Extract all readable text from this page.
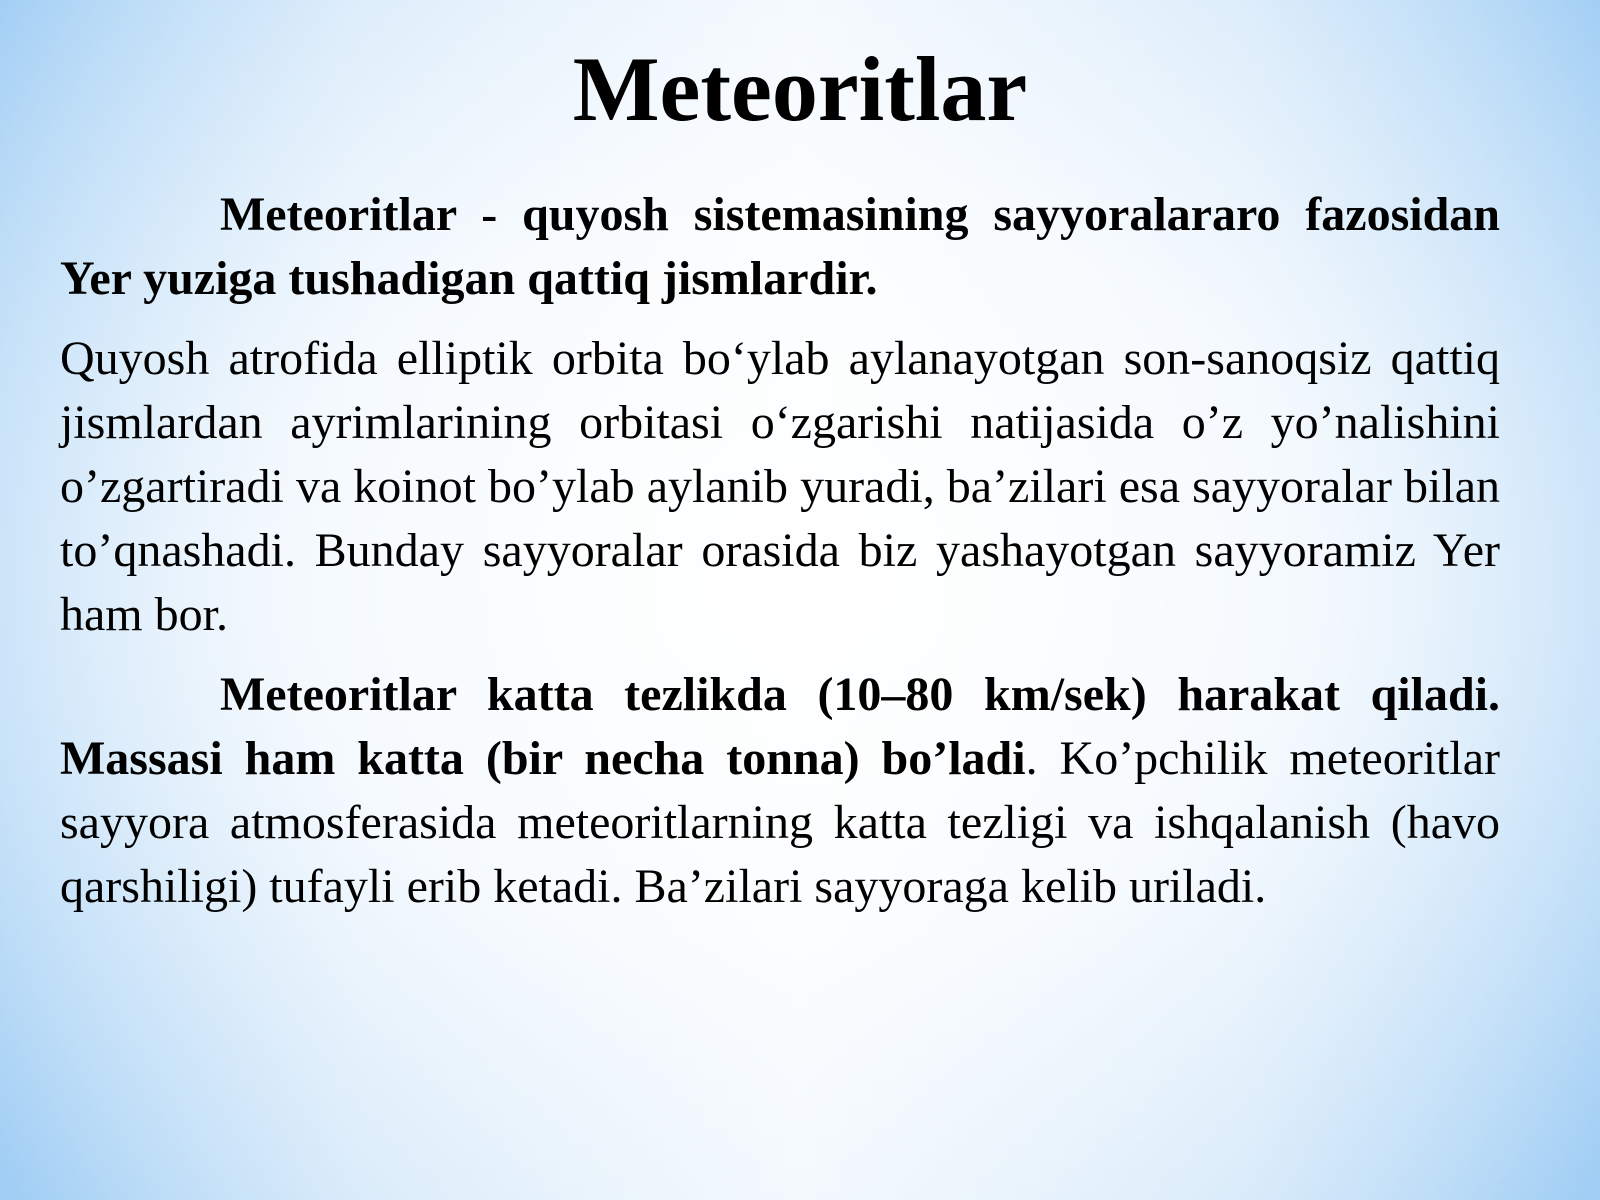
Meteoritlar

Meteoritlar - quyosh sistemasining sayyoralararo fazosidan Yer yuziga tushadigan qattiq jismlardir.

Quyosh atrofida elliptik orbita bo‘ylab aylanayotgan son-sanoqsiz qattiq jismlardan ayrimlarining orbitasi o‘zgarishi natijasida o’z yo’nalishini o’zgartiradi va koinot bo’ylab aylanib yuradi, ba’zilari esa sayyoralar bilan to’qnashadi. Bunday sayyoralar orasida biz yashayotgan sayyoramiz Yer ham bor.

Meteoritlar katta tezlikda (10–80 km/sek) harakat qiladi. Massasi ham katta (bir necha tonna) bo’ladi. Ko’pchilik meteoritlar sayyora atmosferasida meteoritlarning katta tezligi va ishqalanish (havo qarshiligi) tufayli erib ketadi. Ba’zilari sayyoraga kelib uriladi.
